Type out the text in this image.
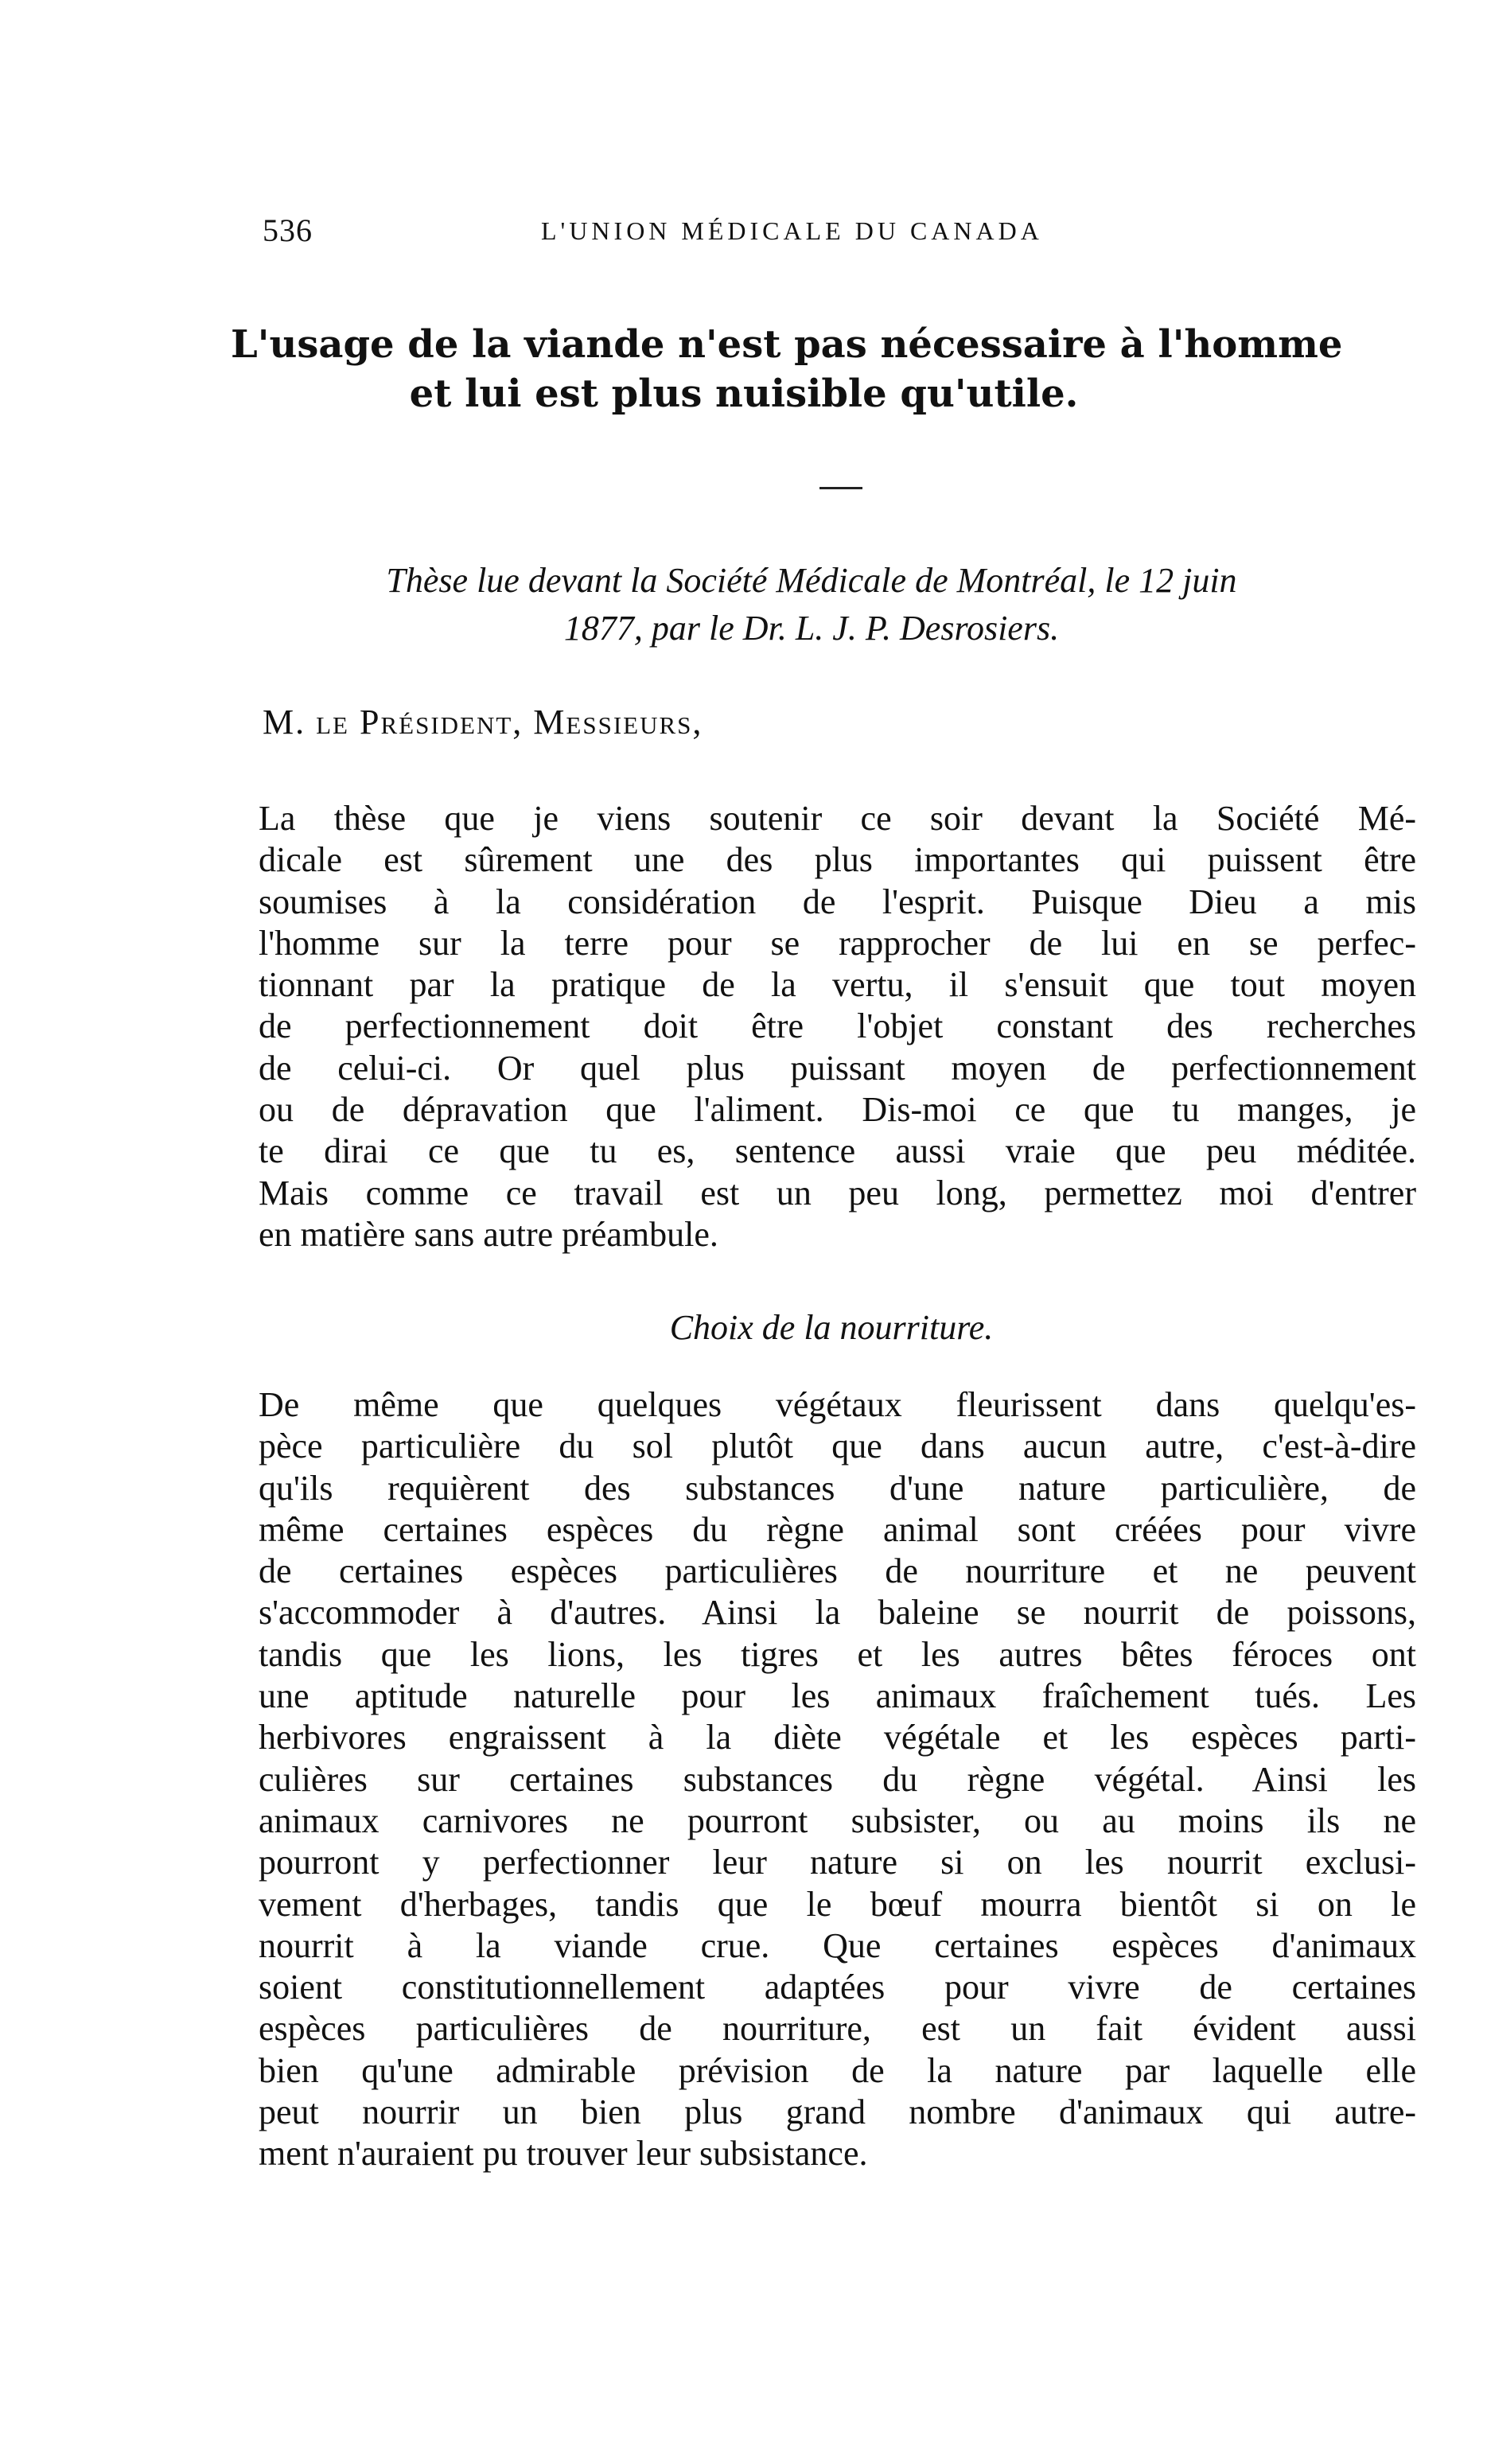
536	L'UNION MÉDICALE DU CANADA
L'usage de la viande n'est pas nécessaire à l'homme
et lui est plus nuisible qu'utile.
Thèse lue devant la Société Médicale de Montréal, le 12 juin
1877, par le Dr. L. J. P. Desrosiers.
M. le Président, Messieurs,
La thèse que je viens soutenir ce soir devant la Société Mé-
dicale est sûrement une des plus importantes qui puissent être
soumises à la considération de l'esprit. Puisque Dieu a mis
l'homme sur la terre pour se rapprocher de lui en se perfec-
tionnant par la pratique de la vertu, il s'ensuit que tout moyen
de perfectionnement doit être l'objet constant des recherches
de celui-ci. Or quel plus puissant moyen de perfectionnement
ou de dépravation que l'aliment. Dis-moi ce que tu manges, je
te dirai ce que tu es, sentence aussi vraie que peu méditée.
Mais comme ce travail est un peu long, permettez moi d'entrer
en matière sans autre préambule.
Choix de la nourriture.
De même que quelques végétaux fleurissent dans quelqu'es-
pèce particulière du sol plutôt que dans aucun autre, c'est-à-dire
qu'ils requièrent des substances d'une nature particulière, de
même certaines espèces du règne animal sont créées pour vivre
de certaines espèces particulières de nourriture et ne peuvent
s'accommoder à d'autres. Ainsi la baleine se nourrit de poissons,
tandis que les lions, les tigres et les autres bêtes féroces ont
une aptitude naturelle pour les animaux fraîchement tués. Les
herbivores engraissent à la diète végétale et les espèces parti-
culières sur certaines substances du règne végétal. Ainsi les
animaux carnivores ne pourront subsister, ou au moins ils ne
pourront y perfectionner leur nature si on les nourrit exclusi-
vement d'herbages, tandis que le bœuf mourra bientôt si on le
nourrit à la viande crue. Que certaines espèces d'animaux
soient constitutionnellement adaptées pour vivre de certaines
espèces particulières de nourriture, est un fait évident aussi
bien qu'une admirable prévision de la nature par laquelle elle
peut nourrir un bien plus grand nombre d'animaux qui autre-
ment n'auraient pu trouver leur subsistance.
